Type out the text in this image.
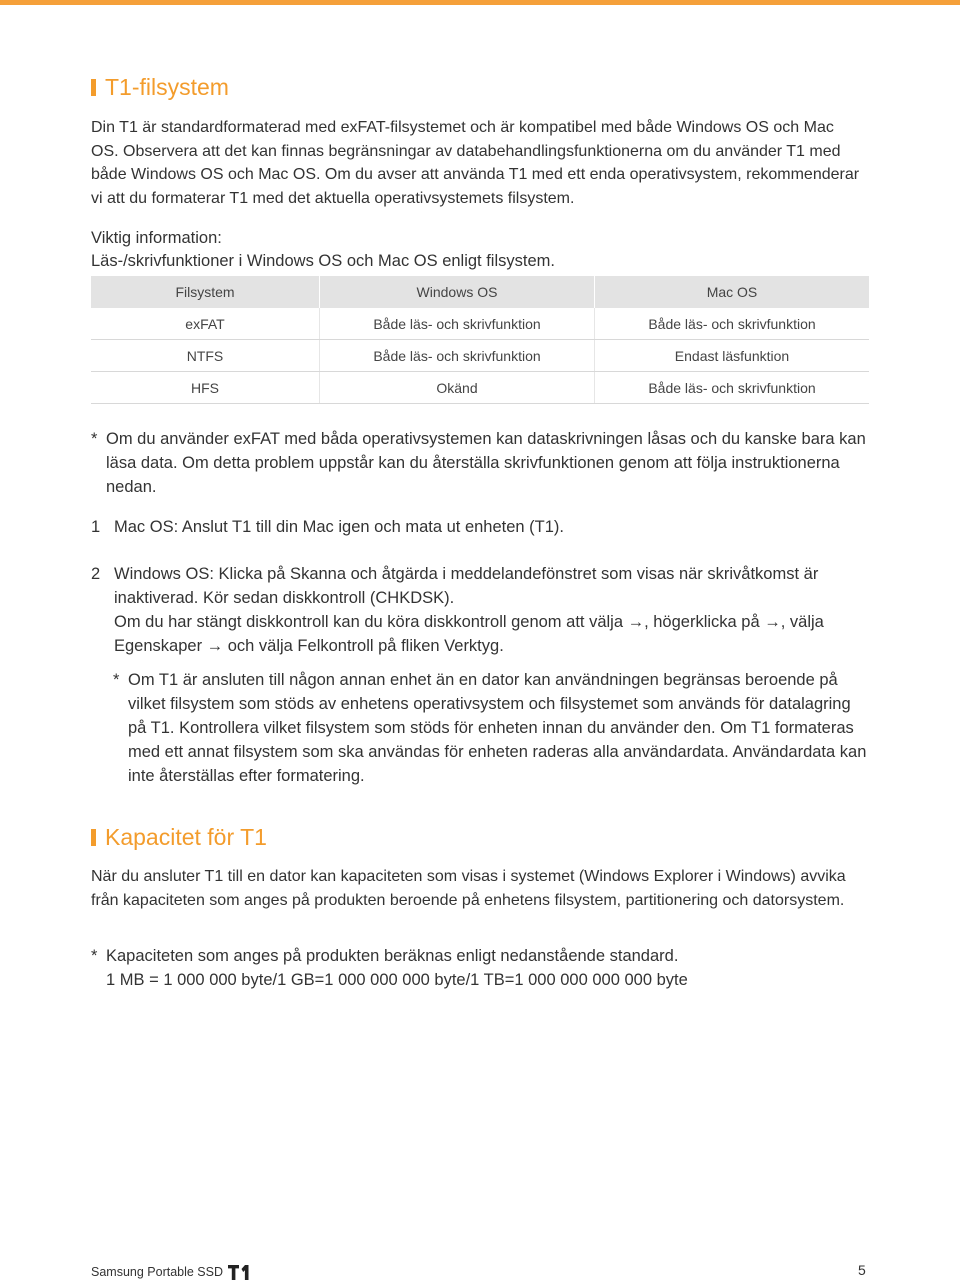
T1-filsystem

Din T1 är standardformaterad med exFAT-filsystemet och är kompatibel med både Windows OS och Mac OS. Observera att det kan finnas begränsningar av databehandlingsfunktionerna om du använder T1 med både Windows OS och Mac OS. Om du avser att använda T1 med ett enda operativsystem, rekommenderar vi att du formaterar T1 med det aktuella operativsystemets filsystem.

Viktig information:

Läs-/skrivfunktioner i Windows OS och Mac OS enligt filsystem.

Filsystem	Windows OS	Mac OS
exFAT	Både läs- och skrivfunktion	Både läs- och skrivfunktion
NTFS	Både läs- och skrivfunktion	Endast läsfunktion
HFS	Okänd	Både läs- och skrivfunktion
* Om du använder exFAT med båda operativsystemen kan dataskrivningen låsas och du kanske bara kan läsa data. Om detta problem uppstår kan du återställa skrivfunktionen genom att följa instruktionerna nedan.
1 Mac OS: Anslut T1 till din Mac igen och mata ut enheten (T1).
2 Windows OS: Klicka på Skanna och åtgärda i meddelandefönstret som visas när skrivåtkomst är inaktiverad. Kör sedan diskkontroll (CHKDSK).
Om du har stängt diskkontroll kan du köra diskkontroll genom att välja →, högerklicka på →, välja Egenskaper → och välja Felkontroll på fliken Verktyg.
* Om T1 är ansluten till någon annan enhet än en dator kan användningen begränsas beroende på vilket filsystem som stöds av enhetens operativsystem och filsystemet som används för datalagring på T1. Kontrollera vilket filsystem som stöds för enheten innan du använder den. Om T1 formateras med ett annat filsystem som ska användas för enheten raderas alla användardata. Användardata kan inte återställas efter formatering.
Kapacitet för T1

När du ansluter T1 till en dator kan kapaciteten som visas i systemet (Windows Explorer i Windows) avvika från kapaciteten som anges på produkten beroende på enhetens filsystem, partitionering och datorsystem.

* Kapaciteten som anges på produkten beräknas enligt nedanstående standard.
1 MB = 1 000 000 byte/1 GB=1 000 000 000 byte/1 TB=1 000 000 000 000 byte
Samsung Portable SSD	5
